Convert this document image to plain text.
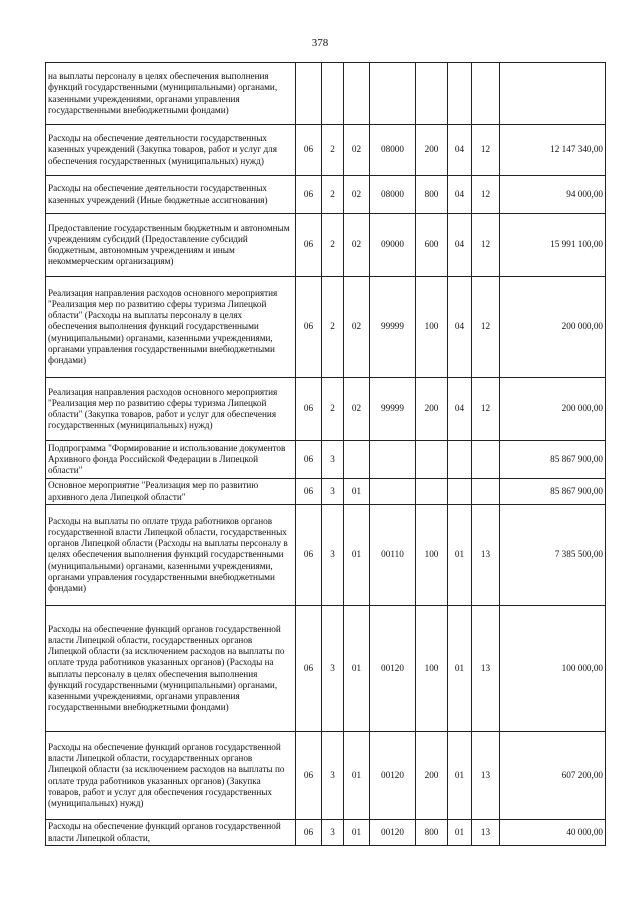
378
на выплаты персоналу в целях обеспечения выполнения функций государственными (муниципальными) органами, казенными учреждениями, органами управления государственными внебюджетными фондами)								
Расходы на обеспечение деятельности государственных казенных учреждений (Закупка товаров, работ и услуг для обеспечения государственных (муниципальных) нужд)	06	2	02	08000	200	04	12	12 147 340,00
Расходы на обеспечение деятельности государственных казенных учреждений (Иные бюджетные ассигнования)	06	2	02	08000	800	04	12	94 000,00
Предоставление государственным бюджетным и автономным учреждениям субсидий (Предоставление субсидий бюджетным, автономным учреждениям и иным некоммерческим организациям)	06	2	02	09000	600	04	12	15 991 100,00
Реализация направления расходов основного мероприятия "Реализация мер по развитию сферы туризма Липецкой области" (Расходы на выплаты персоналу в целях обеспечения выполнения функций государственными (муниципальными) органами, казенными учреждениями, органами управления государственными внебюджетными фондами)	06	2	02	99999	100	04	12	200 000,00
Реализация направления расходов основного мероприятия "Реализация мер по развитию сферы туризма Липецкой области" (Закупка товаров, работ и услуг для обеспечения государственных (муниципальных) нужд)	06	2	02	99999	200	04	12	200 000,00
Подпрограмма "Формирование и использование документов Архивного фонда Российской Федерации в Липецкой области"	06	3						85 867 900,00
Основное мероприятие "Реализация мер по развитию архивного дела Липецкой области"	06	3	01					85 867 900,00
Расходы на выплаты по оплате труда работников органов государственной власти Липецкой области, государственных органов Липецкой области (Расходы на выплаты персоналу в целях обеспечения выполнения функций государственными (муниципальными) органами, казенными учреждениями, органами управления государственными внебюджетными фондами)	06	3	01	00110	100	01	13	7 385 500,00
Расходы на обеспечение функций органов государственной власти Липецкой области, государственных органов Липецкой области (за исключением расходов на выплаты по оплате труда работников указанных органов) (Расходы на выплаты персоналу в целях обеспечения выполнения функций государственными (муниципальными) органами, казенными учреждениями, органами управления государственными внебюджетными фондами)	06	3	01	00120	100	01	13	100 000,00
Расходы на обеспечение функций органов государственной власти Липецкой области, государственных органов Липецкой области (за исключением расходов на выплаты по оплате труда работников указанных органов) (Закупка товаров, работ и услуг для обеспечения государственных (муниципальных) нужд)	06	3	01	00120	200	01	13	607 200,00
Расходы на обеспечение функций органов государственной власти Липецкой области,	06	3	01	00120	800	01	13	40 000,00
